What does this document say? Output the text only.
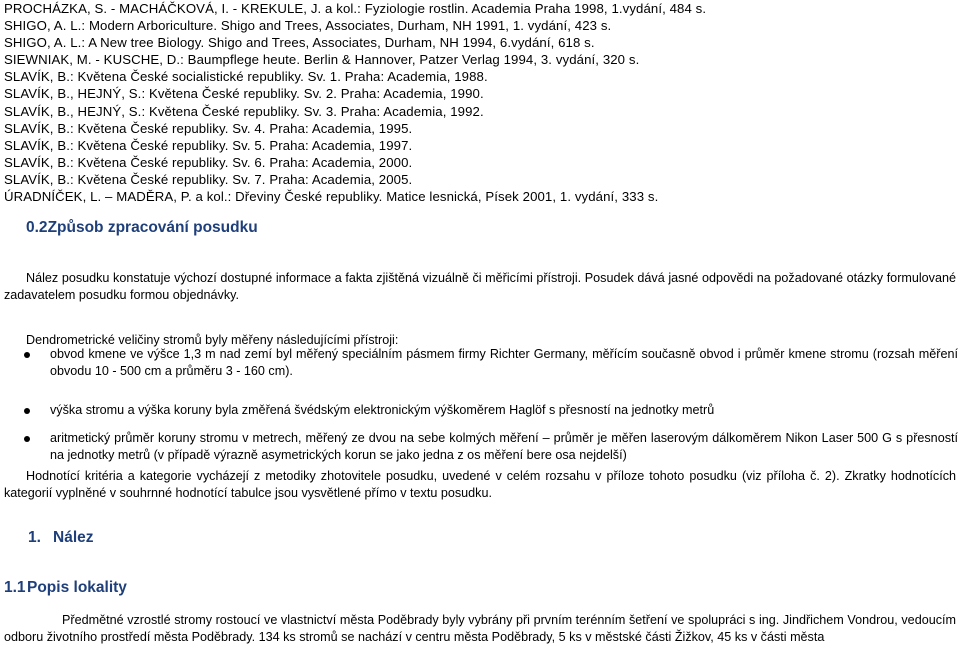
PROCHÁZKA, S. - MACHÁČKOVÁ, I. - KREKULE, J. a kol.: Fyziologie rostlin. Academia Praha 1998, 1.vydání, 484 s.
SHIGO, A. L.: Modern Arboriculture. Shigo and Trees, Associates, Durham, NH 1991, 1. vydání, 423 s.
SHIGO, A. L.: A New tree Biology. Shigo and Trees, Associates, Durham, NH 1994, 6.vydání, 618 s.
SIEWNIAK, M. - KUSCHE, D.: Baumpflege heute. Berlin & Hannover, Patzer Verlag 1994, 3. vydání, 320 s.
SLAVÍK, B.: Květena České socialistické republiky. Sv. 1. Praha: Academia, 1988.
SLAVÍK, B., HEJNÝ, S.: Květena České republiky. Sv. 2. Praha: Academia, 1990.
SLAVÍK, B., HEJNÝ, S.: Květena České republiky. Sv. 3. Praha: Academia, 1992.
SLAVÍK, B.: Květena České republiky. Sv. 4. Praha: Academia, 1995.
SLAVÍK, B.: Květena České republiky. Sv. 5. Praha: Academia, 1997.
SLAVÍK, B.: Květena České republiky. Sv. 6. Praha: Academia, 2000.
SLAVÍK, B.: Květena České republiky. Sv. 7. Praha: Academia, 2005.
ÚRADNÍČEK, L. – MADĚRA, P. a kol.: Dřeviny České republiky. Matice lesnická, Písek 2001, 1. vydání, 333 s.
0.2Způsob zpracování posudku
Nález posudku konstatuje výchozí dostupné informace a fakta zjištěná vizuálně či měřicími přístroji. Posudek dává jasné odpovědi na požadované otázky formulované zadavatelem posudku formou objednávky.
Dendrometrické veličiny stromů byly měřeny následujícími přístroji:
obvod kmene ve výšce 1,3 m nad zemí byl měřený speciálním pásmem firmy Richter Germany, měřícím současně obvod i průměr kmene stromu (rozsah měření obvodu 10 - 500 cm a průměru 3 - 160 cm).
výška stromu a výška koruny byla změřená švédským elektronickým výškoměrem Haglöf s přesností na jednotky metrů
aritmetický průměr koruny stromu v metrech, měřený ze dvou na sebe kolmých měření – průměr je měřen laserovým dálkoměrem Nikon Laser 500 G s přesností na jednotky metrů (v případě výrazně asymetrických korun se jako jedna z os měření bere osa nejdelší)
Hodnotící kritéria a kategorie vycházejí z metodiky zhotovitele posudku, uvedené v celém rozsahu v příloze tohoto posudku (viz příloha č. 2). Zkratky hodnotících kategorií vyplněné v souhrnné hodnotící tabulce jsou vysvětlené přímo v textu posudku.
1. Nález
1.1Popis lokality
Předmětné vzrostlé stromy rostoucí ve vlastnictví města Poděbrady byly vybrány při prvním terénním šetření ve spolupráci s ing. Jindřichem Vondrou, vedoucím odboru životního prostředí města Poděbrady. 134 ks stromů se nachází v centru města Poděbrady, 5 ks v městské části Žižkov, 45 ks v části města
